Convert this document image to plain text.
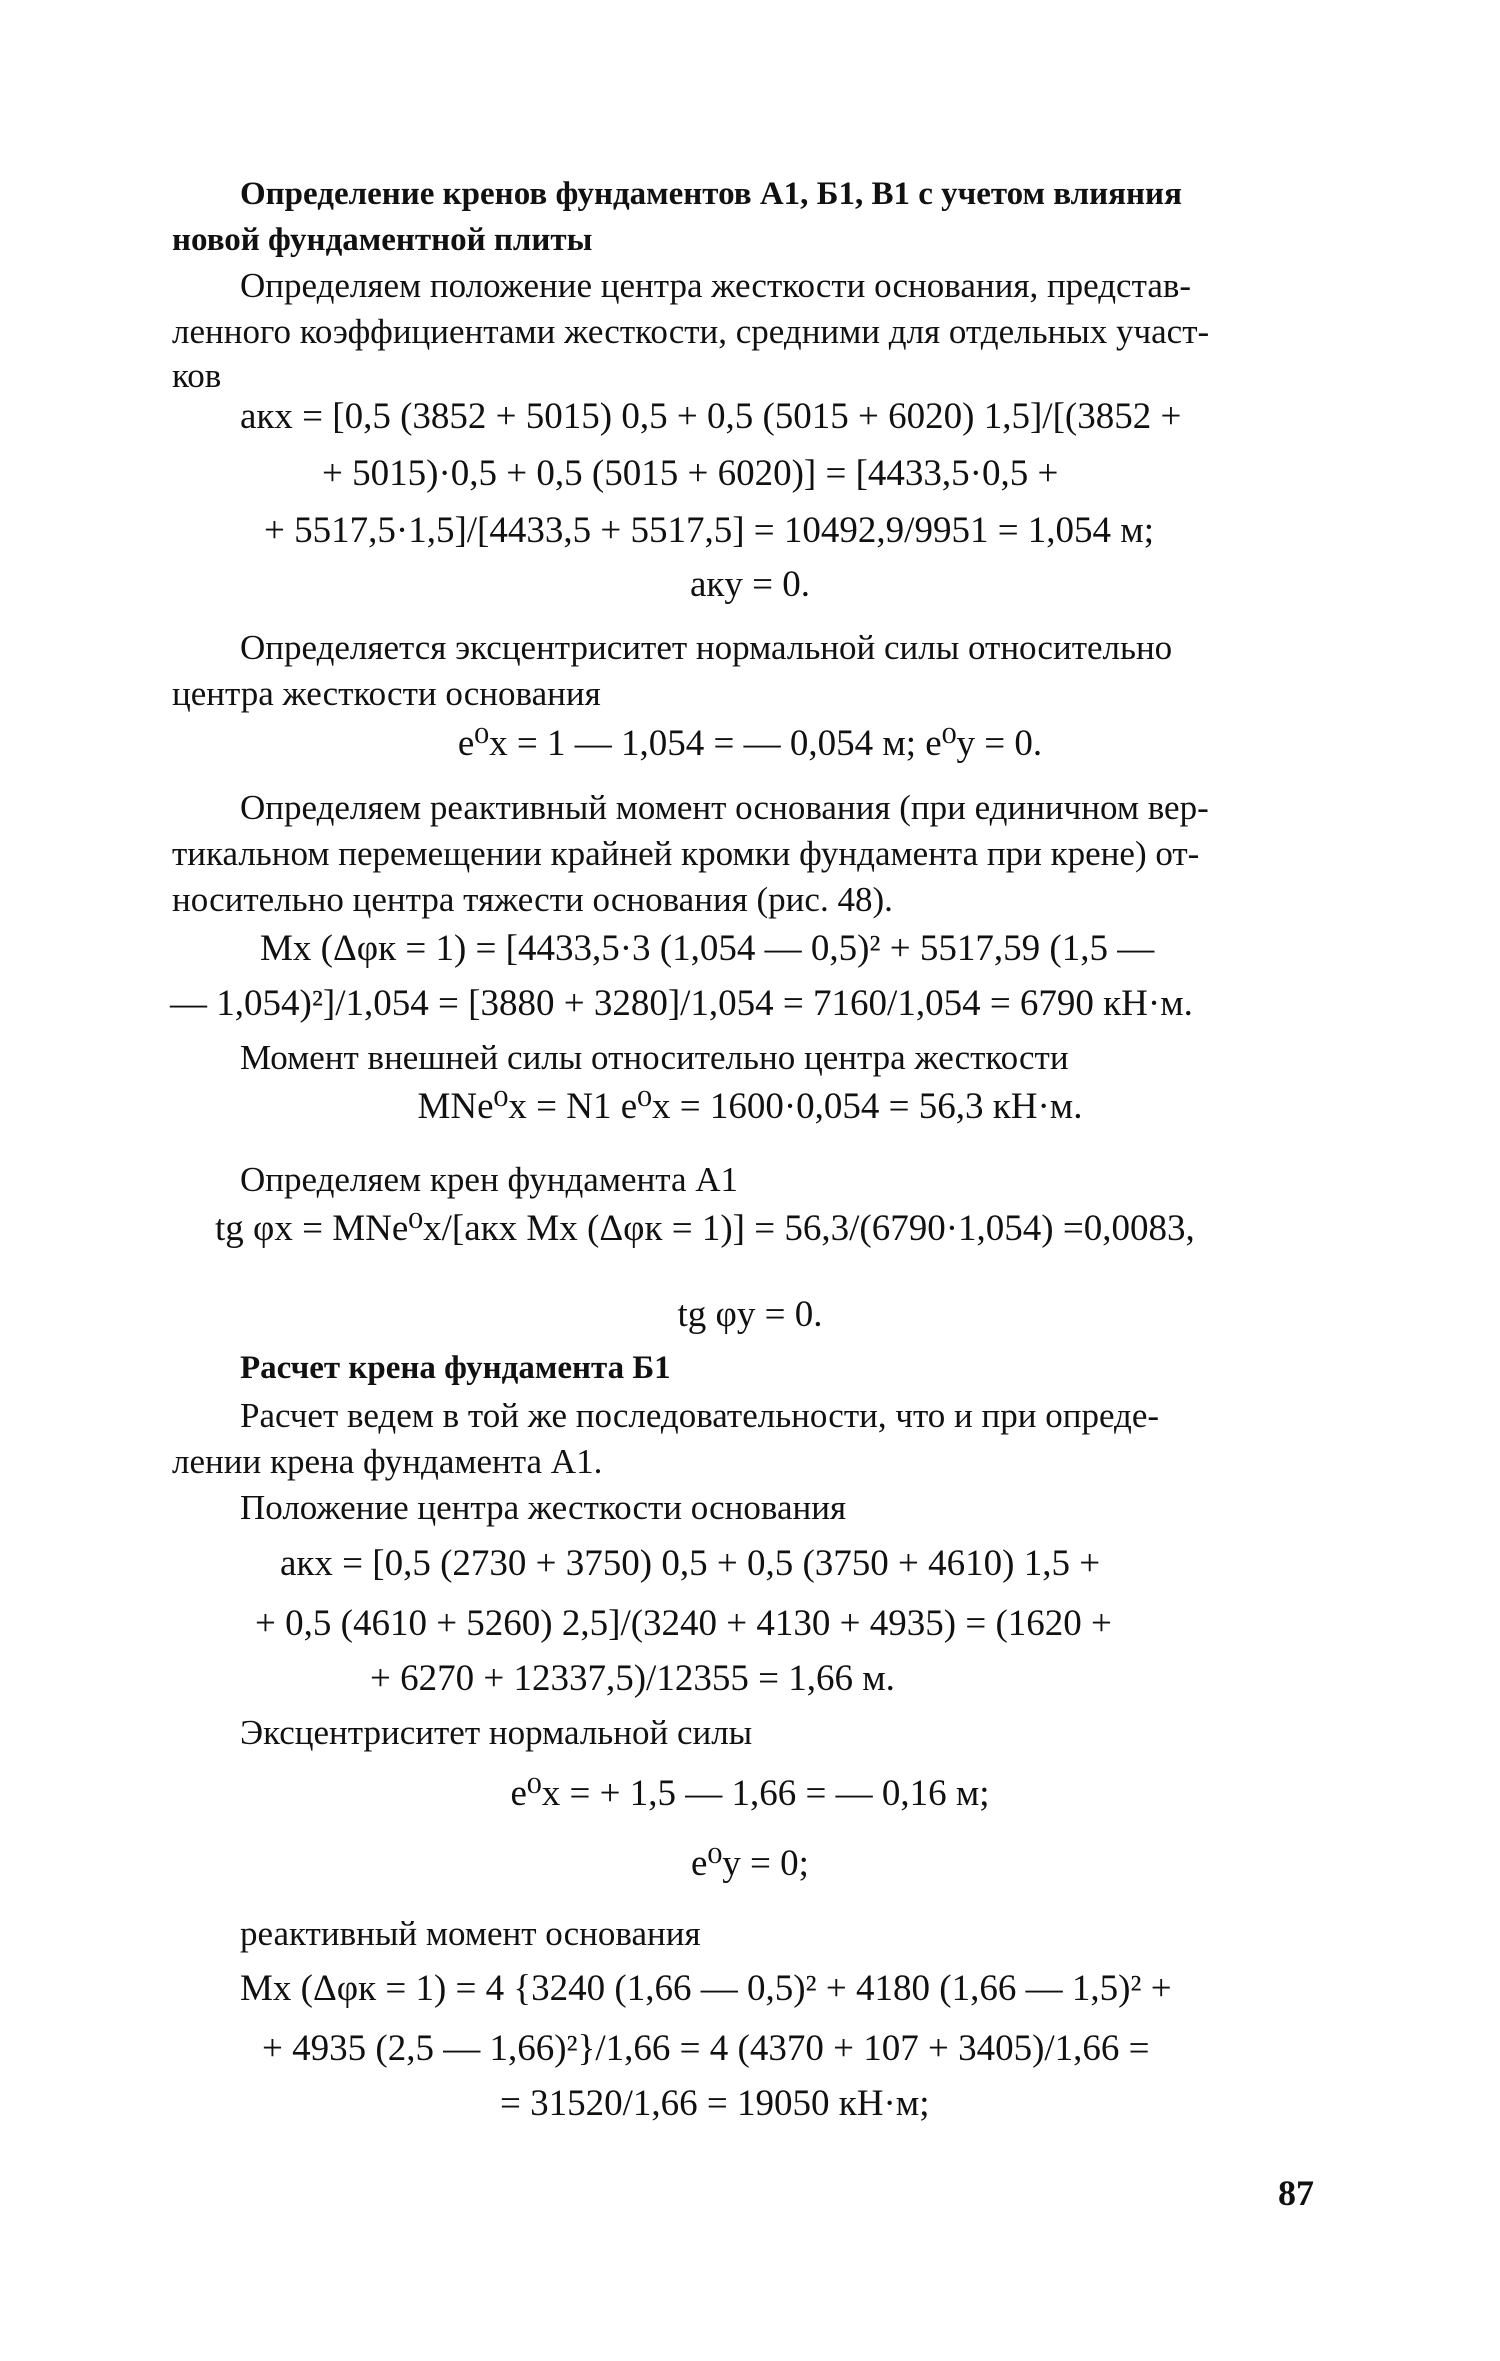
Определение кренов фундаментов А1, Б1, В1 с учетом влияния
новой фундаментной плиты
Определяем положение центра жесткости основания, представ-
ленного коэффициентами жесткости, средними для отдельных участ-
ков
aкx = [0,5 (3852 + 5015) 0,5 + 0,5 (5015 + 6020) 1,5]/[(3852 +
+ 5015)·0,5 + 0,5 (5015 + 6020)] = [4433,5·0,5 +
+ 5517,5·1,5]/[4433,5 + 5517,5] = 10492,9/9951 = 1,054 м;
aкy = 0.
Определяется эксцентриситет нормальной силы относительно
центра жесткости основания
e⁰x = 1 — 1,054 = — 0,054 м; e⁰y = 0.
Определяем реактивный момент основания (при единичном вер-
тикальном перемещении крайней кромки фундамента при крене) от-
носительно центра тяжести основания (рис. 48).
Mx (Δφк = 1) = [4433,5·3 (1,054 — 0,5)² + 5517,59 (1,5 —
— 1,054)²]/1,054 = [3880 + 3280]/1,054 = 7160/1,054 = 6790 кН·м.
Момент внешней силы относительно центра жесткости
MNe⁰x = N1 e⁰x = 1600·0,054 = 56,3 кН·м.
Определяем крен фундамента А1
tg φx = MNe⁰x/[aкx Mx (Δφк = 1)] = 56,3/(6790·1,054) =0,0083,
tg φy = 0.
Расчет крена фундамента Б1
Расчет ведем в той же последовательности, что и при опреде-
лении крена фундамента А1.
Положение центра жесткости основания
aкx = [0,5 (2730 + 3750) 0,5 + 0,5 (3750 + 4610) 1,5 +
+ 0,5 (4610 + 5260) 2,5]/(3240 + 4130 + 4935) = (1620 +
+ 6270 + 12337,5)/12355 = 1,66 м.
Эксцентриситет нормальной силы
e⁰x = + 1,5 — 1,66 = — 0,16 м;
e⁰y = 0;
реактивный момент основания
Mx (Δφк = 1) = 4 {3240 (1,66 — 0,5)² + 4180 (1,66 — 1,5)² +
+ 4935 (2,5 — 1,66)²}/1,66 = 4 (4370 + 107 + 3405)/1,66 =
= 31520/1,66 = 19050 кН·м;
87
